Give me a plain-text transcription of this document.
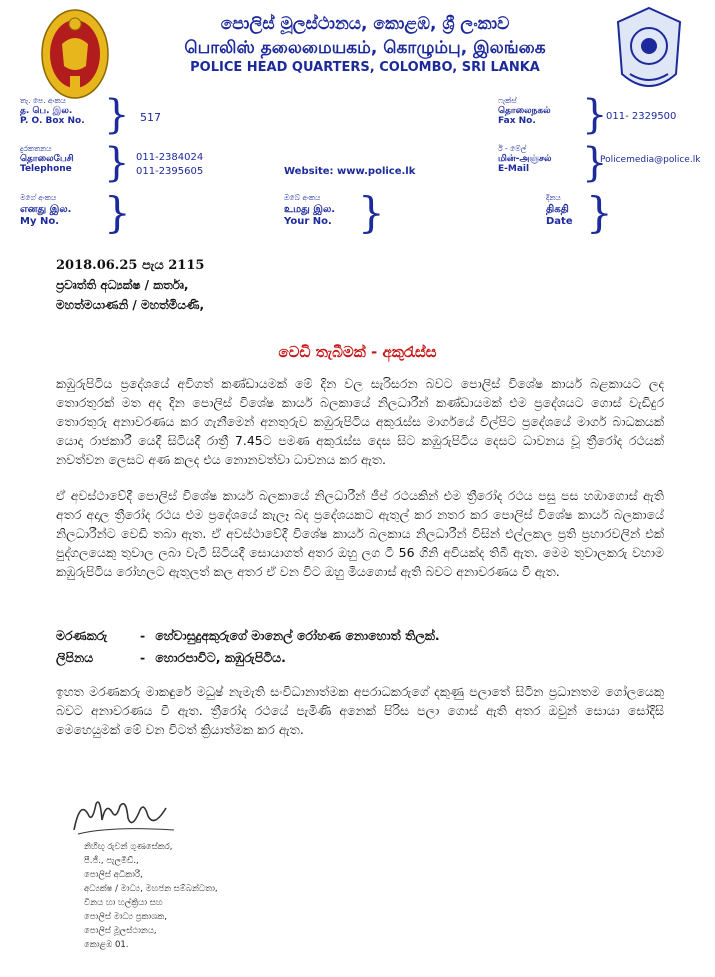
පොලිස් මූලස්ථානය, කොළඹ, ශ්‍රී ලංකාව
பொலிஸ் தலைமையகம், கொழும்பு, இலங்கை
POLICE HEAD QUARTERS, COLOMBO, SRI LANKA
තැ. පෙ. අංකය
த. பெ. இல.
P. O. Box No. } 517
ෆැක්ස්
தொலைநகல்
Fax No.	}
011- 2329500
දුරකතනය
தொலைபேசி
Telephone } 011-2384024
011-2395605	Website: www.police.lk
ඊ - මේල්
மின்-அஞ்சல்
E-Mail	}
Policemedia@police.lk
මගේ අංකය
எனது இல.
My No. }	ඔබේ අංකය
உமது இல.
Your No. }	දිනය
திகதி
Date }
2018.06.25 පැය 2115
ප්‍රවෘත්ති අධ්‍යක්ෂ / කර්තෘ,
මහත්මයාණනි / මහත්මියණි,
වෙඩි තැබීමක් - අකුරැස්ස
කඹුරුපිටිය ප්‍රදේශයේ අවිගත් කණ්ඩායමක් මේ දින වල සැරිසරන බවට පොලිස් විශේෂ කාර්ය බළකායට ලද තොරතුරක් මත අද දින පොලිස් විශේෂ කාර්ය බලකායේ නිලධාරීන් කණ්ඩායමක් එම ප්‍රදේශයට ගොස් වැඩිදුර තොරතුරු අනාවරණය කර ගැනීමෙන් අනතුරුව කඹුරුපිටිය අකුරැස්ස මාර්ගයේ විල්පිට ප්‍රදේශයේ මාර්ග බාධකයක් යොදා රාජකාරී යෙදී සිටියදී රාත්‍රී 7.45ට පමණ අකුරැස්ස දෙස සිට කඹුරුපිටිය දෙසට ධාවනය වූ ත්‍රීරෝද රථයක් නවත්වන ලෙසට අණ කලද එය නොනවත්වා ධාවනය කර ඇත.
ඒ අවස්ථාවේදී පොලිස් විශේෂ කාර්ය බලකායේ නිලධාරීන් ජීප් රථයකින් එම ත්‍රීරෝද රථය පසු පස හඹාගොස් ඇති අතර අදාල ත්‍රීරෝද රථය එම ප්‍රදේශයේ කැලෑ බද ප්‍රදේශයකට ඇතුල් කර නතර කර පොලිස් විශේෂ කාර්ය බලකායේ නිලධාරීන්ට වෙඩි තබා ඇත. ඒ අවස්ථාවේදී විශේෂ කාර්ය බලකාය නිලධාරීන් විසින් එල්ලකල ප්‍රති ප්‍රහාරවලින් එක් පුද්ගලයෙකු තුවාල ලබා වැටී සිටියදී සොයාගත් අතර ඔහු ලග ටී 56 ගිනි අවියක්ද තිබී ඇත. මෙම තුවාලකරු වහාම කඹුරුපිටිය රෝහලට ඇතුලත් කල අතර ඒ වන විට ඔහු මියගොස් ඇති බවට අනාවරණය වී ඇත.
මරණකරු	- හේවාසුදුඅකුරුගේ මානෙල් රෝහණ නොහොත් තිලක්.
ලිපිනය	- හොරපාවිට, කඹුරුපිටිය.
ඉහත මරණකරු මාකඳුරේ මධුෂ් නැමැති සංවිධානාත්මක අපරාධකරුගේ දකුණු පලාතේ සිටින ප්‍රධානතම ගෝලයෙකු බවට අනාවරණය වී ඇත. ත්‍රීරෝද රථයේ පැමිණි අනෙක් පිරිස පලා ගොස් ඇති අතර ඔවුන් සොයා සෝදිසි මෙහෙයුමක් මේ වන විටත් ක්‍රියාත්මක කර ඇත.
නිහිඟු රුවන් ගුණසේකර,
පී.ජී., පැලමීඩ්.,
පොලිස් අධිකාරී,
අධ්‍යක්ෂ / මාධ්‍ය, මහජන සම්බන්ධතා,
විනය හා හල්ක්‍රියා සහ
පොලිස් මාධ්‍ය ප්‍රකාශක,
පොලිස් මූලස්ථානය,
කොළඹ 01.
